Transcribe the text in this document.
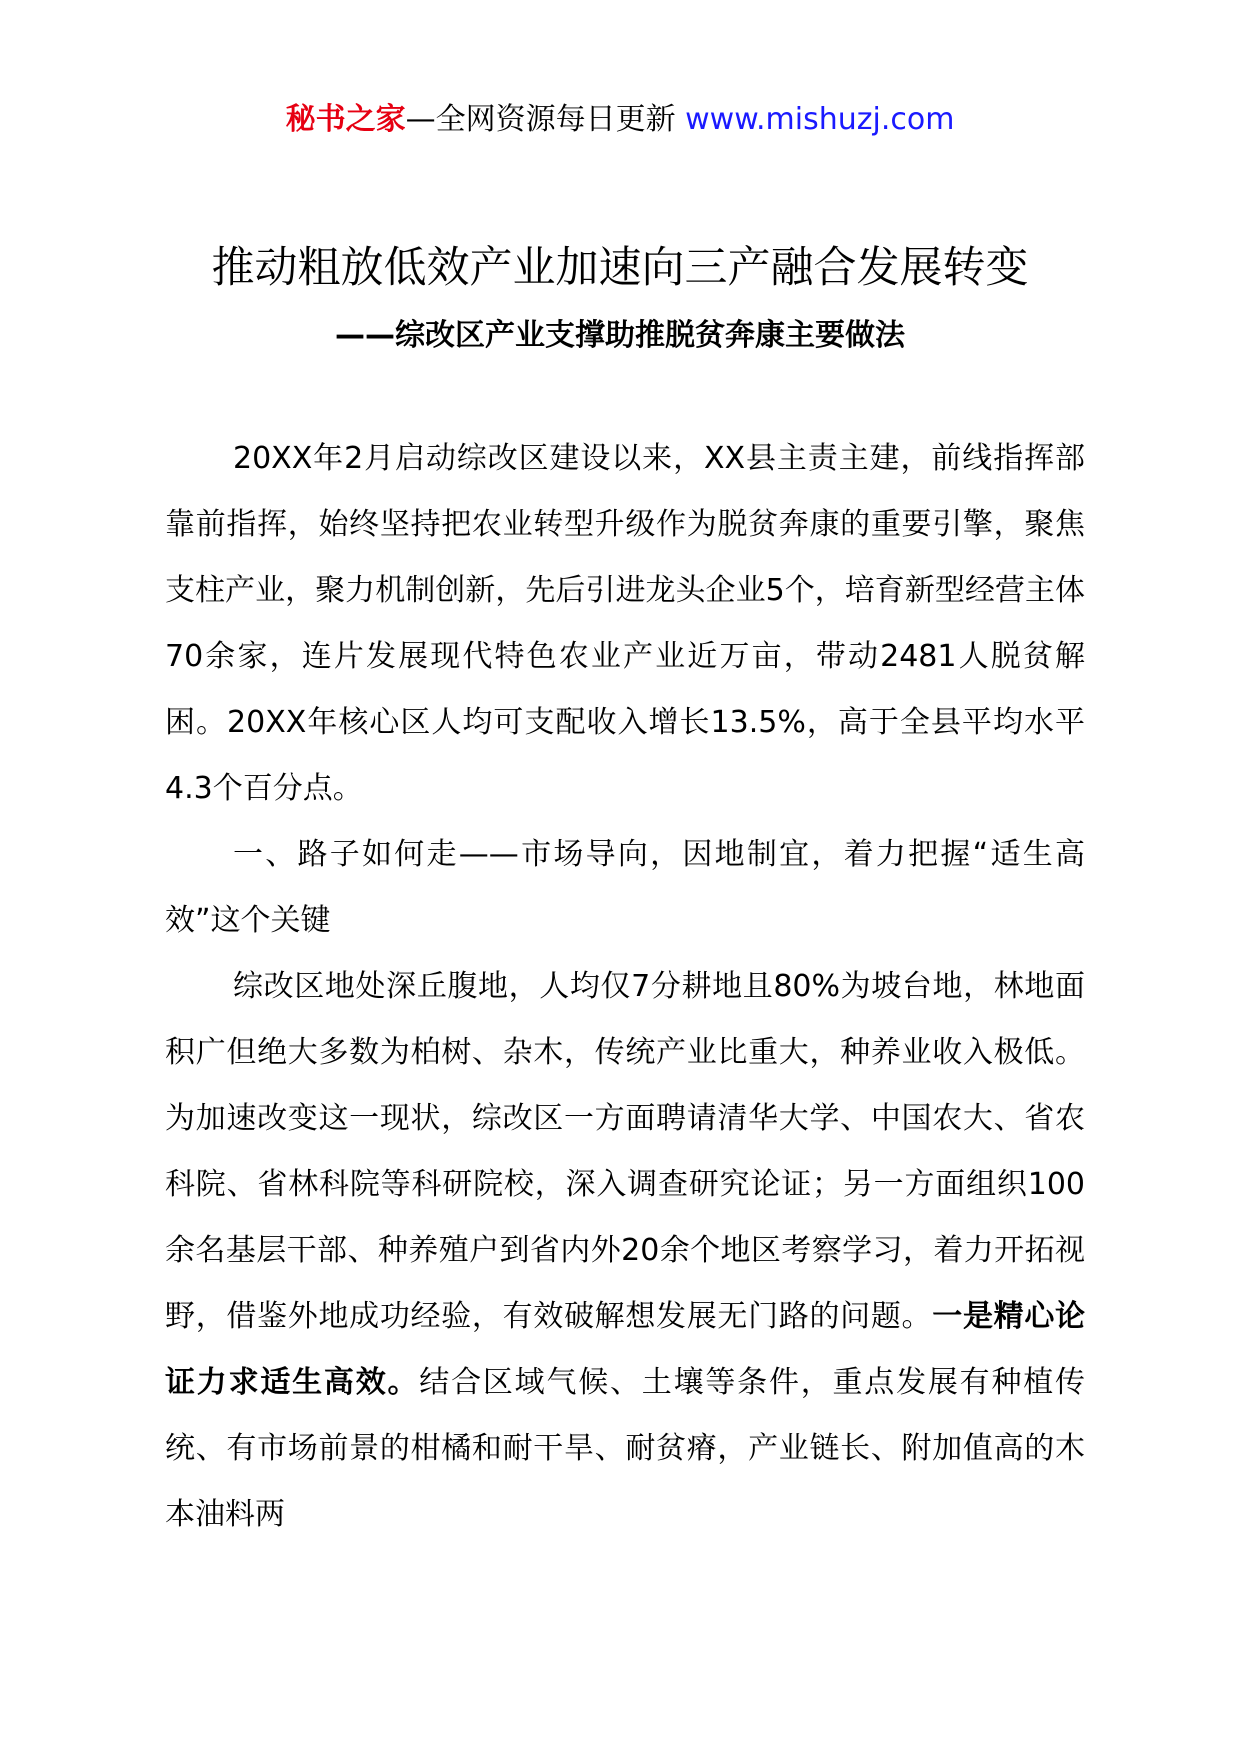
秘书之家—全网资源每日更新 www.mishuzj.com
推动粗放低效产业加速向三产融合发展转变
——综改区产业支撑助推脱贫奔康主要做法

20XX年2月启动综改区建设以来，XX县主责主建，前线指挥部靠前指挥，始终坚持把农业转型升级作为脱贫奔康的重要引擎，聚焦支柱产业，聚力机制创新，先后引进龙头企业5个，培育新型经营主体70余家，连片发展现代特色农业产业近万亩，带动2481人脱贫解困。20XX年核心区人均可支配收入增长13.5%，高于全县平均水平4.3个百分点。

一、路子如何走——市场导向，因地制宜，着力把握“适生高效”这个关键

综改区地处深丘腹地，人均仅7分耕地且80%为坡台地，林地面积广但绝大多数为柏树、杂木，传统产业比重大，种养业收入极低。为加速改变这一现状，综改区一方面聘请清华大学、中国农大、省农科院、省林科院等科研院校，深入调查研究论证；另一方面组织100余名基层干部、种养殖户到省内外20余个地区考察学习，着力开拓视野，借鉴外地成功经验，有效破解想发展无门路的问题。一是精心论证力求适生高效。结合区域气候、土壤等条件，重点发展有种植传统、有市场前景的柑橘和耐干旱、耐贫瘠，产业链长、附加值高的木本油料两
